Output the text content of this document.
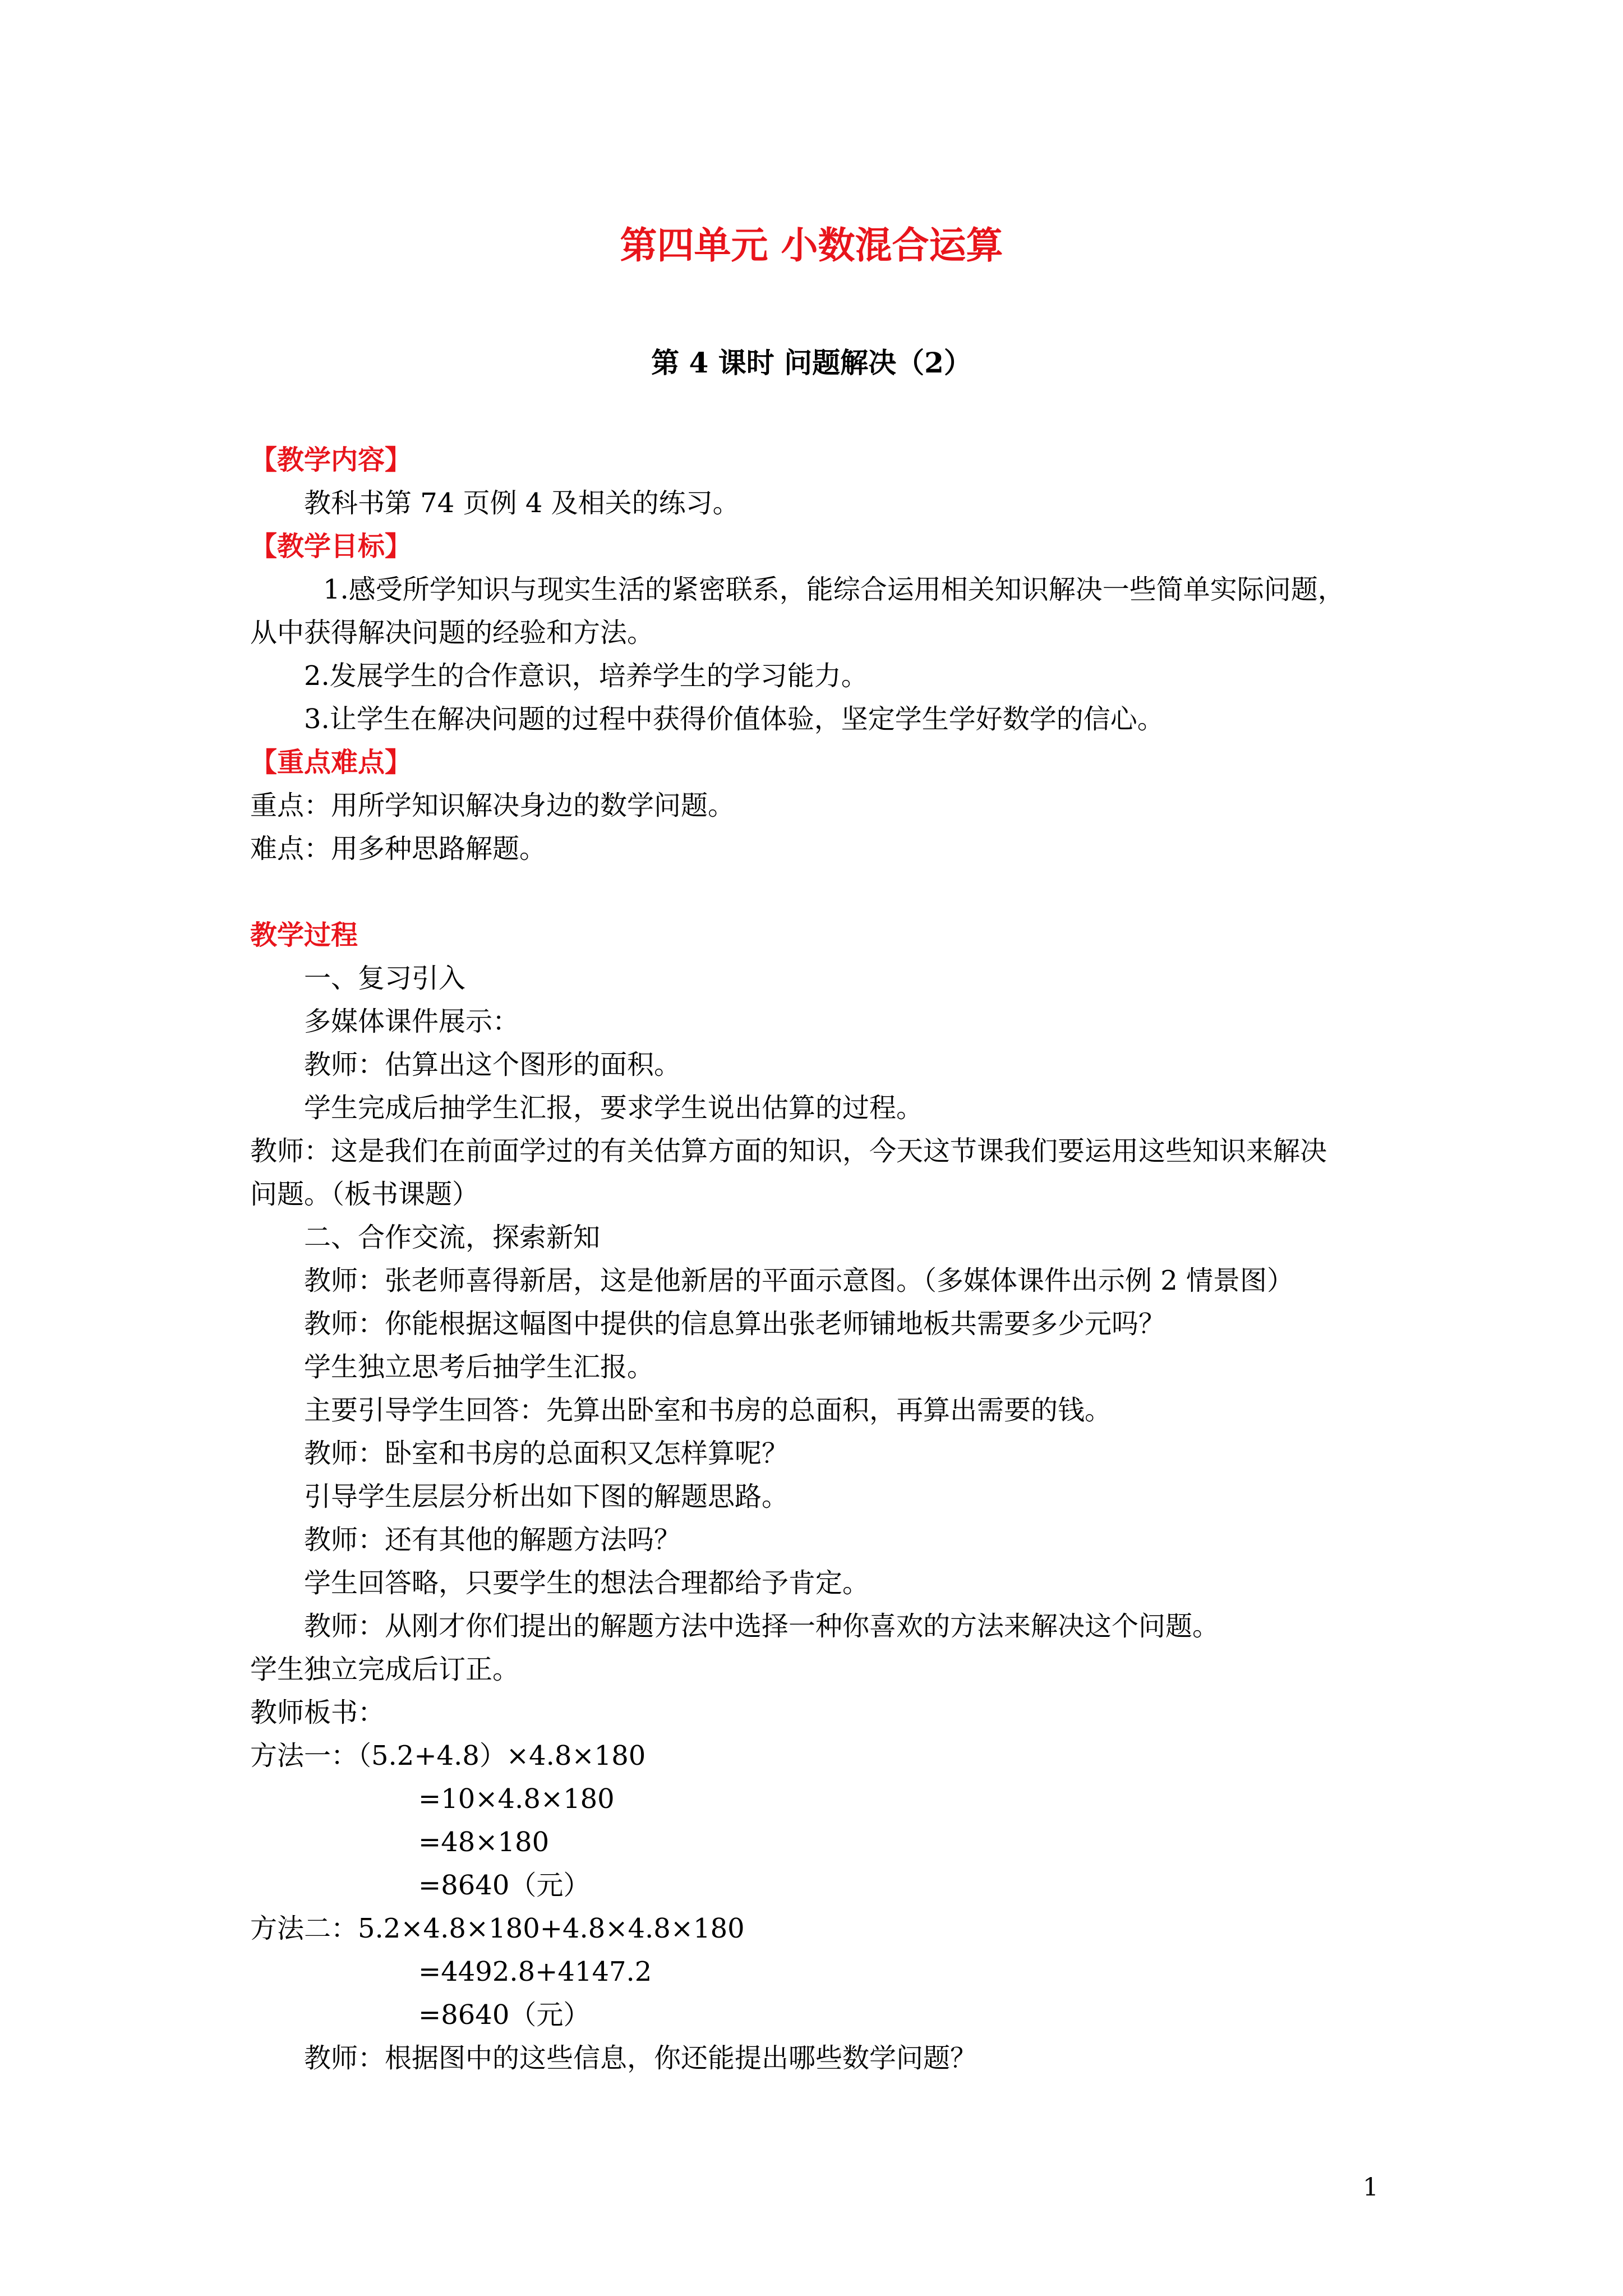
第四单元 小数混合运算
第 4 课时 问题解决（2）
【教学内容】
教科书第 74 页例 4 及相关的练习。
【教学目标】
1.感受所学知识与现实生活的紧密联系，能综合运用相关知识解决一些简单实际问题，
从中获得解决问题的经验和方法。
2.发展学生的合作意识，培养学生的学习能力。
3.让学生在解决问题的过程中获得价值体验，坚定学生学好数学的信心。
【重点难点】
重点：用所学知识解决身边的数学问题。
难点：用多种思路解题。
教学过程
一、复习引入
多媒体课件展示：
教师：估算出这个图形的面积。
学生完成后抽学生汇报，要求学生说出估算的过程。
教师：这是我们在前面学过的有关估算方面的知识，今天这节课我们要运用这些知识来解决
问题。（板书课题）
二、合作交流，探索新知
教师：张老师喜得新居，这是他新居的平面示意图。（多媒体课件出示例 2 情景图）
教师：你能根据这幅图中提供的信息算出张老师铺地板共需要多少元吗？
学生独立思考后抽学生汇报。
主要引导学生回答：先算出卧室和书房的总面积，再算出需要的钱。
教师：卧室和书房的总面积又怎样算呢？
引导学生层层分析出如下图的解题思路。
教师：还有其他的解题方法吗？
学生回答略，只要学生的想法合理都给予肯定。
教师：从刚才你们提出的解题方法中选择一种你喜欢的方法来解决这个问题。
学生独立完成后订正。
教师板书：
方法一：（5.2+4.8）×4.8×180
=10×4.8×180
=48×180
=8640（元）
方法二：5.2×4.8×180+4.8×4.8×180
=4492.8+4147.2
=8640（元）
教师：根据图中的这些信息，你还能提出哪些数学问题？
1
